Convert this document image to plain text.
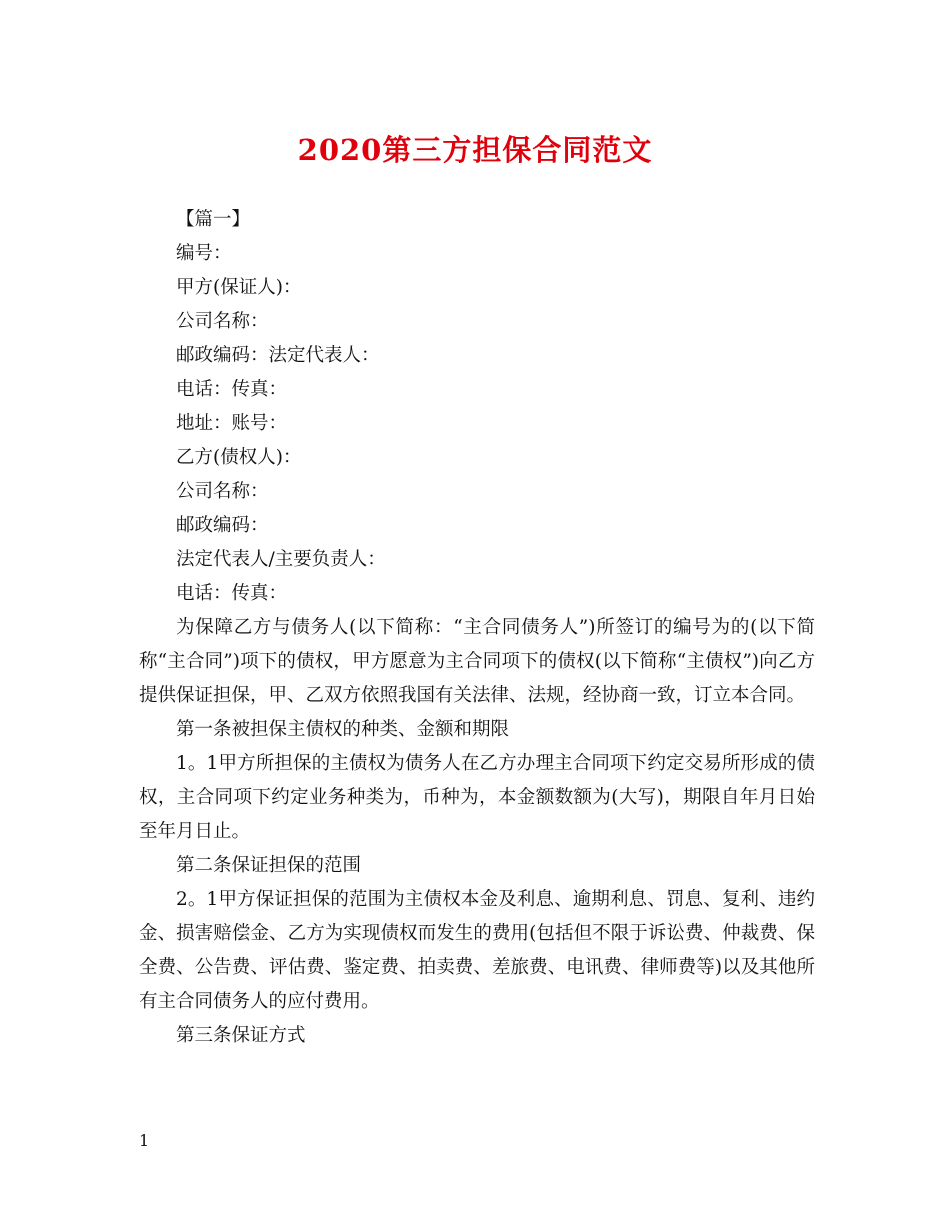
2020第三方担保合同范文

【篇一】

编号：

甲方(保证人)：

公司名称：

邮政编码：法定代表人：

电话：传真：

地址：账号：

乙方(债权人)：

公司名称：

邮政编码：

法定代表人/主要负责人：

电话：传真：

为保障乙方与债务人(以下简称：“主合同债务人”)所签订的编号为的(以下简称“主合同”)项下的债权，甲方愿意为主合同项下的债权(以下简称“主债权”)向乙方提供保证担保，甲、乙双方依照我国有关法律、法规，经协商一致，订立本合同。

第一条被担保主债权的种类、金额和期限

1。1甲方所担保的主债权为债务人在乙方办理主合同项下约定交易所形成的债权，主合同项下约定业务种类为，币种为，本金额数额为(大写)，期限自年月日始至年月日止。

第二条保证担保的范围

2。1甲方保证担保的范围为主债权本金及利息、逾期利息、罚息、复利、违约金、损害赔偿金、乙方为实现债权而发生的费用(包括但不限于诉讼费、仲裁费、保全费、公告费、评估费、鉴定费、拍卖费、差旅费、电讯费、律师费等)以及其他所有主合同债务人的应付费用。

第三条保证方式

1
